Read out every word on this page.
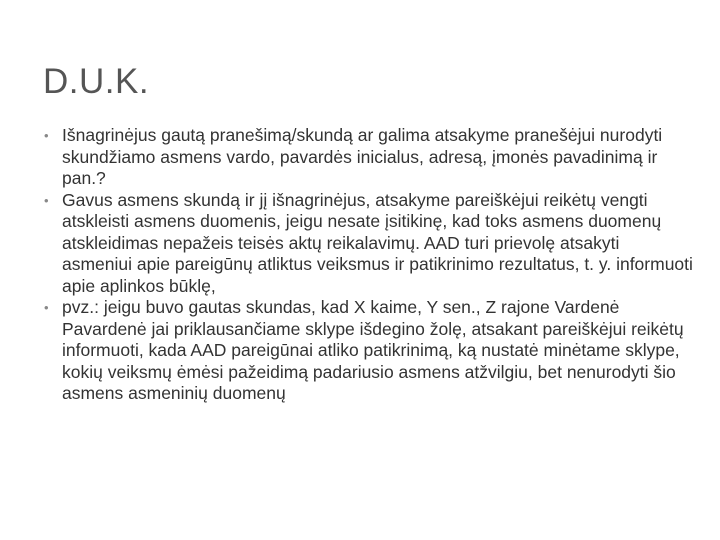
D.U.K.
• Išnagrinėjus gautą pranešimą/skundą ar galima atsakyme pranešėjui nurodyti skundžiamo asmens vardo, pavardės inicialus, adresą, įmonės pavadinimą ir pan.?
• Gavus asmens skundą ir jį išnagrinėjus, atsakyme pareiškėjui reikėtų vengti atskleisti asmens duomenis, jeigu nesate įsitikinę, kad toks asmens duomenų atskleidimas nepažeis teisės aktų reikalavimų. AAD turi prievolę atsakyti asmeniui apie pareigūnų atliktus veiksmus ir patikrinimo rezultatus, t. y. informuoti apie aplinkos būklę,
• pvz.: jeigu buvo gautas skundas, kad X kaime, Y sen., Z rajone Vardenė Pavardenė jai priklausančiame sklype išdegino žolę, atsakant pareiškėjui reikėtų informuoti, kada AAD pareigūnai atliko patikrinimą, ką nustatė minėtame sklype, kokių veiksmų ėmėsi pažeidimą padariusio asmens atžvilgiu, bet nenurodyti šio asmens asmeninių duomenų
